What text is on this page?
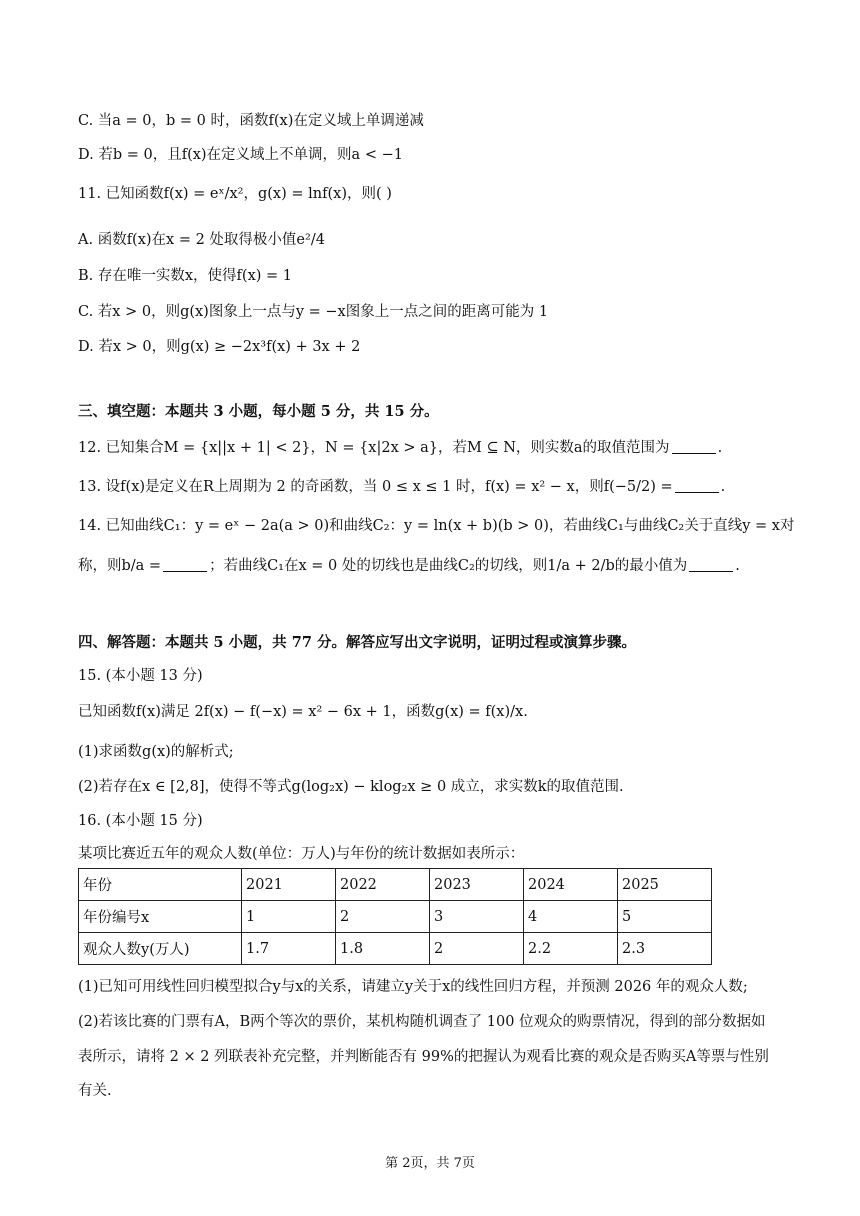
C. 当a = 0，b = 0 时，函数f(x)在定义域上单调递减
D. 若b = 0，且f(x)在定义域上不单调，则a < −1
11. 已知函数f(x) = eˣ/x²，g(x) = lnf(x)，则( )
A. 函数f(x)在x = 2 处取得极小值e²/4
B. 存在唯一实数x，使得f(x) = 1
C. 若x > 0，则g(x)图象上一点与y = −x图象上一点之间的距离可能为 1
D. 若x > 0，则g(x) ≥ −2x³f(x) + 3x + 2
三、填空题：本题共 3 小题，每小题 5 分，共 15 分。
12. 已知集合M = {x||x + 1| < 2}，N = {x|2x > a}，若M ⊆ N，则实数a的取值范围为	.
13. 设f(x)是定义在R上周期为 2 的奇函数，当 0 ≤ x ≤ 1 时，f(x) = x² − x，则f(−5/2) =	.
14. 已知曲线C₁：y = eˣ − 2a(a > 0)和曲线C₂：y = ln(x + b)(b > 0)，若曲线C₁与曲线C₂关于直线y = x对
称，则b/a =	；若曲线C₁在x = 0 处的切线也是曲线C₂的切线，则1/a + 2/b的最小值为	.
四、解答题：本题共 5 小题，共 77 分。解答应写出文字说明，证明过程或演算步骤。
15. (本小题 13 分)
已知函数f(x)满足 2f(x) − f(−x) = x² − 6x + 1，函数g(x) = f(x)/x.
(1)求函数g(x)的解析式;
(2)若存在x ∈ [2,8]，使得不等式g(log₂x) − klog₂x ≥ 0 成立，求实数k的取值范围.
16. (本小题 15 分)
某项比赛近五年的观众人数(单位：万人)与年份的统计数据如表所示：
年份	2021	2022	2023	2024	2025
年份编号x	1	2	3	4	5
观众人数y(万人)	1.7	1.8	2	2.2	2.3
(1)已知可用线性回归模型拟合y与x的关系，请建立y关于x的线性回归方程，并预测 2026 年的观众人数;
(2)若该比赛的门票有A，B两个等次的票价，某机构随机调查了 100 位观众的购票情况，得到的部分数据如
表所示，请将 2 × 2 列联表补充完整，并判断能否有 99%的把握认为观看比赛的观众是否购买A等票与性别
有关.
第 2页，共 7页
